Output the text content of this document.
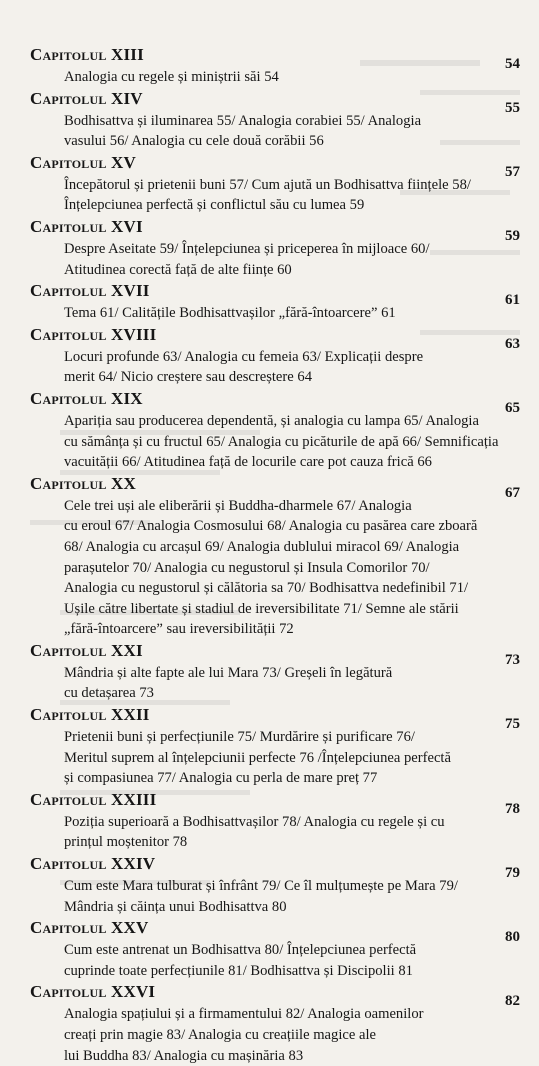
Capitolul XIII	54
Analogia cu regele și miniștrii săi 54
Capitolul XIV	55
Bodhisattva și iluminarea 55/ Analogia corabiei 55/ Analogia
vasului 56/ Analogia cu cele două corăbii 56
Capitolul XV	57
Începătorul și prietenii buni 57/ Cum ajută un Bodhisattva ființele 58/
Înțelepciunea perfectă și conflictul său cu lumea 59
Capitolul XVI	59
Despre Aseitate 59/ Înțelepciunea și priceperea în mijloace 60/
Atitudinea corectă față de alte ființe 60
Capitolul XVII	61
Tema 61/ Calitățile Bodhisattvașilor „fără-întoarcere” 61
Capitolul XVIII	63
Locuri profunde 63/ Analogia cu femeia 63/ Explicații despre
merit 64/ Nicio creștere sau descreștere 64
Capitolul XIX	65
Apariția sau producerea dependentă, și analogia cu lampa 65/ Analogia
cu sămânța și cu fructul 65/ Analogia cu picăturile de apă 66/ Semnificația
vacuității 66/ Atitudinea față de locurile care pot cauza frică 66
Capitolul XX	67
Cele trei uși ale eliberării și Buddha-dharmele 67/ Analogia
cu eroul 67/ Analogia Cosmosului 68/ Analogia cu pasărea care zboară
68/ Analogia cu arcașul 69/ Analogia dublului miracol 69/ Analogia
parașutelor 70/ Analogia cu negustorul și Insula Comorilor 70/
Analogia cu negustorul și călătoria sa 70/ Bodhisattva nedefinibil 71/
Ușile către libertate și stadiul de ireversibilitate 71/ Semne ale stării
„fără-întoarcere” sau ireversibilității 72
Capitolul XXI	73
Mândria și alte fapte ale lui Mara 73/ Greșeli în legătură
cu detașarea 73
Capitolul XXII	75
Prietenii buni și perfecțiunile 75/ Murdărire și purificare 76/
Meritul suprem al înțelepciunii perfecte 76 /Înțelepciunea perfectă
și compasiunea 77/ Analogia cu perla de mare preț 77
Capitolul XXIII	78
Poziția superioară a Bodhisattvașilor 78/ Analogia cu regele și cu
prințul moștenitor 78
Capitolul XXIV	79
Cum este Mara tulburat și înfrânt 79/ Ce îl mulțumește pe Mara 79/
Mândria și căința unui Bodhisattva 80
Capitolul XXV	80
Cum este antrenat un Bodhisattva 80/ Înțelepciunea perfectă
cuprinde toate perfecțiunile 81/ Bodhisattva și Discipolii 81
Capitolul XXVI	82
Analogia spațiului și a firmamentului 82/ Analogia oamenilor
creați prin magie 83/ Analogia cu creațiile magice ale
lui Buddha 83/ Analogia cu mașinăria 83
